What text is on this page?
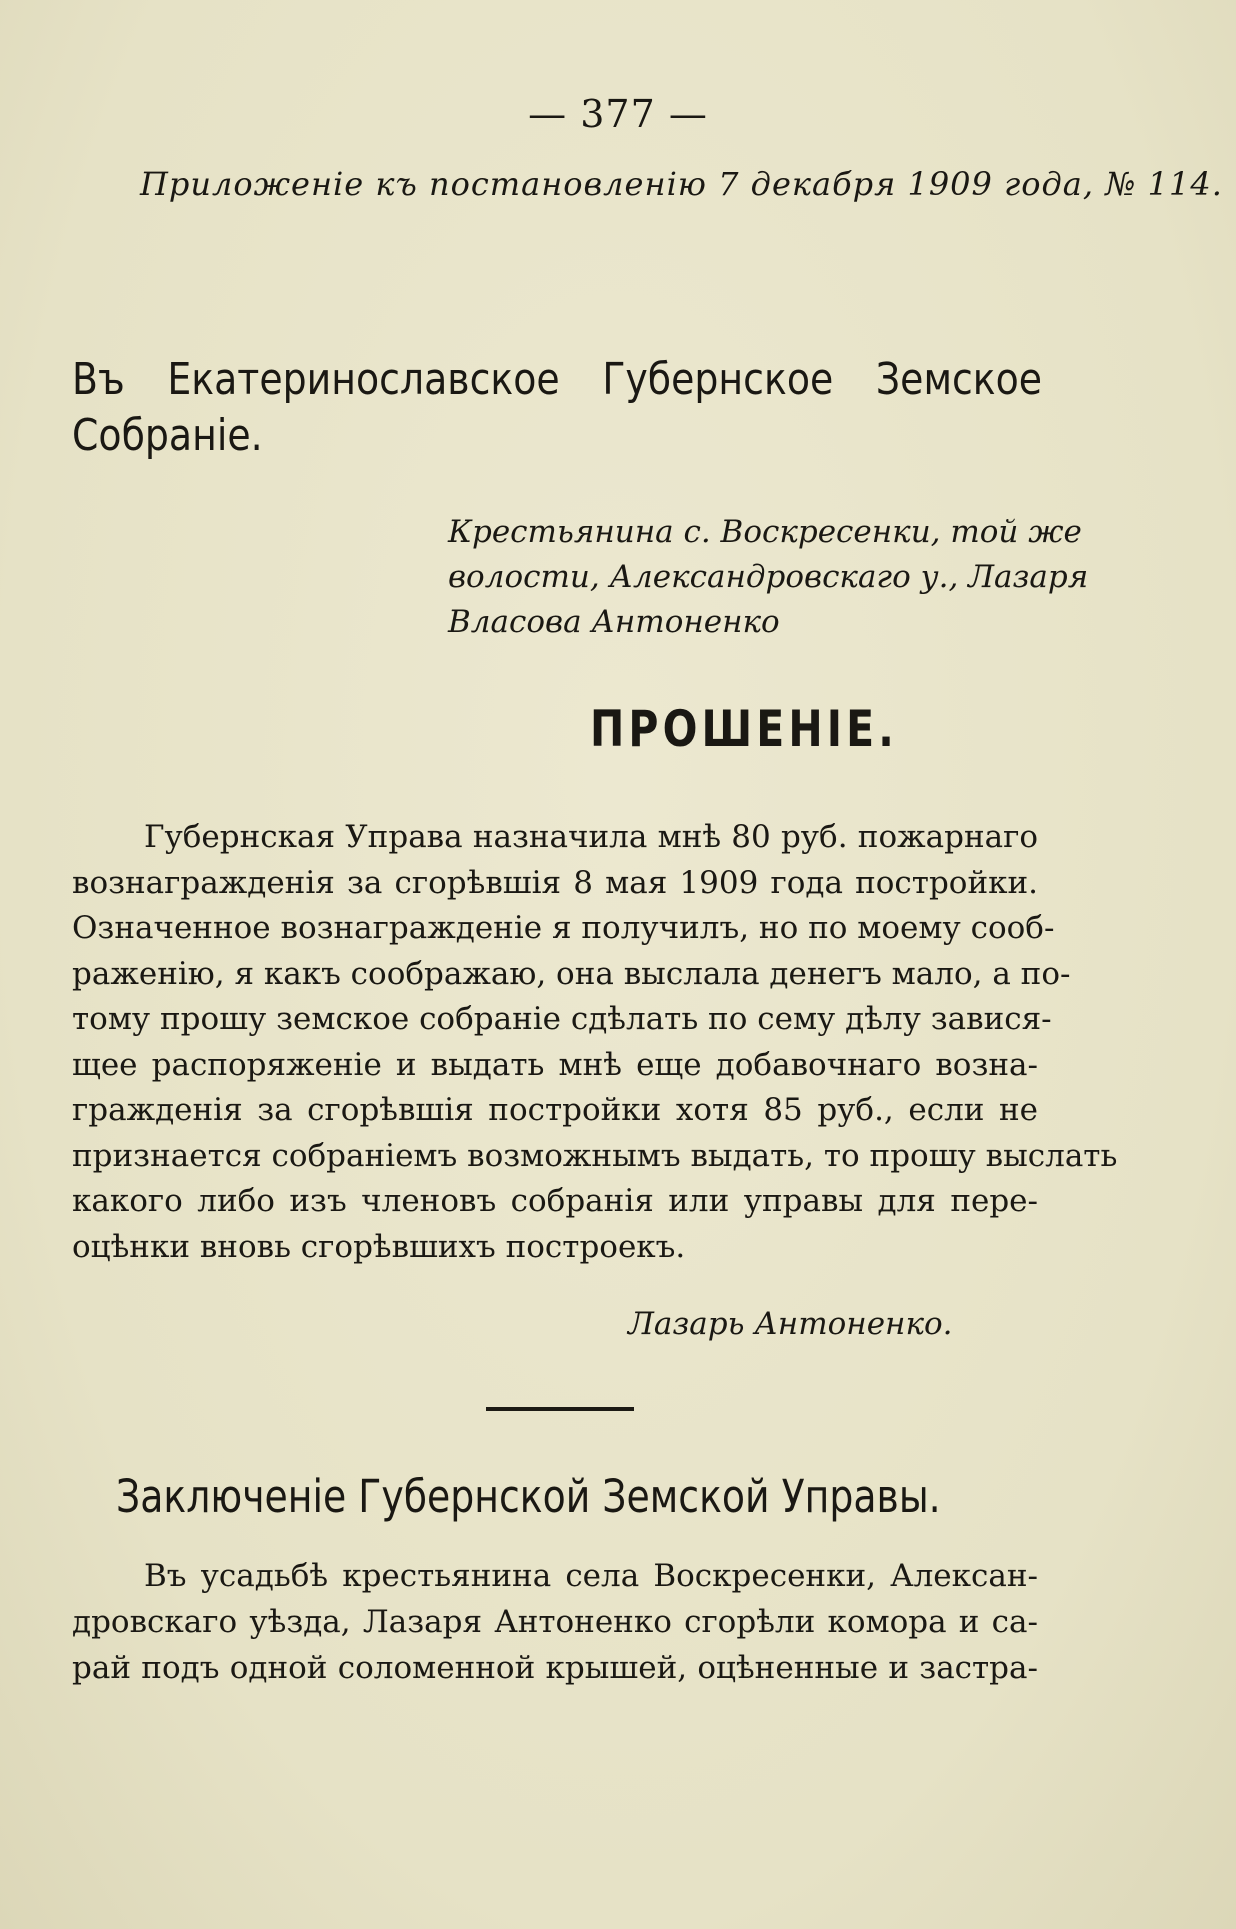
— 377 —
Приложеніе къ постановленію 7 декабря 1909 года, № 114.
Въ Екатеринославское Губернское Земское Собраніе.
Крестьянина с. Воскресенки, той же
волости, Александровскаго у., Лазаря
Власова Антоненко
ПРОШЕНІЕ.
Губернская Управа назначила мнѣ 80 руб. пожарнаго
вознагражденія за сгорѣвшія 8 мая 1909 года постройки.
Означенное вознагражденіе я получилъ, но по моему сооб-
раженію, я какъ соображаю, она выслала денегъ мало, а по-
тому прошу земское собраніе сдѣлать по сему дѣлу завися-
щее распоряженіе и выдать мнѣ еще добавочнаго возна-
гражденія за сгорѣвшія постройки хотя 85 руб., если не
признается собраніемъ возможнымъ выдать, то прошу выслать
какого либо изъ членовъ собранія или управы для пере-
оцѣнки вновь сгорѣвшихъ построекъ.
Лазарь Антоненко.
Заключеніе Губернской Земской Управы.
Въ усадьбѣ крестьянина села Воскресенки, Алексан-
дровскаго уѣзда, Лазаря Антоненко сгорѣли комора и са-
рай подъ одной соломенной крышей, оцѣненные и застра-
